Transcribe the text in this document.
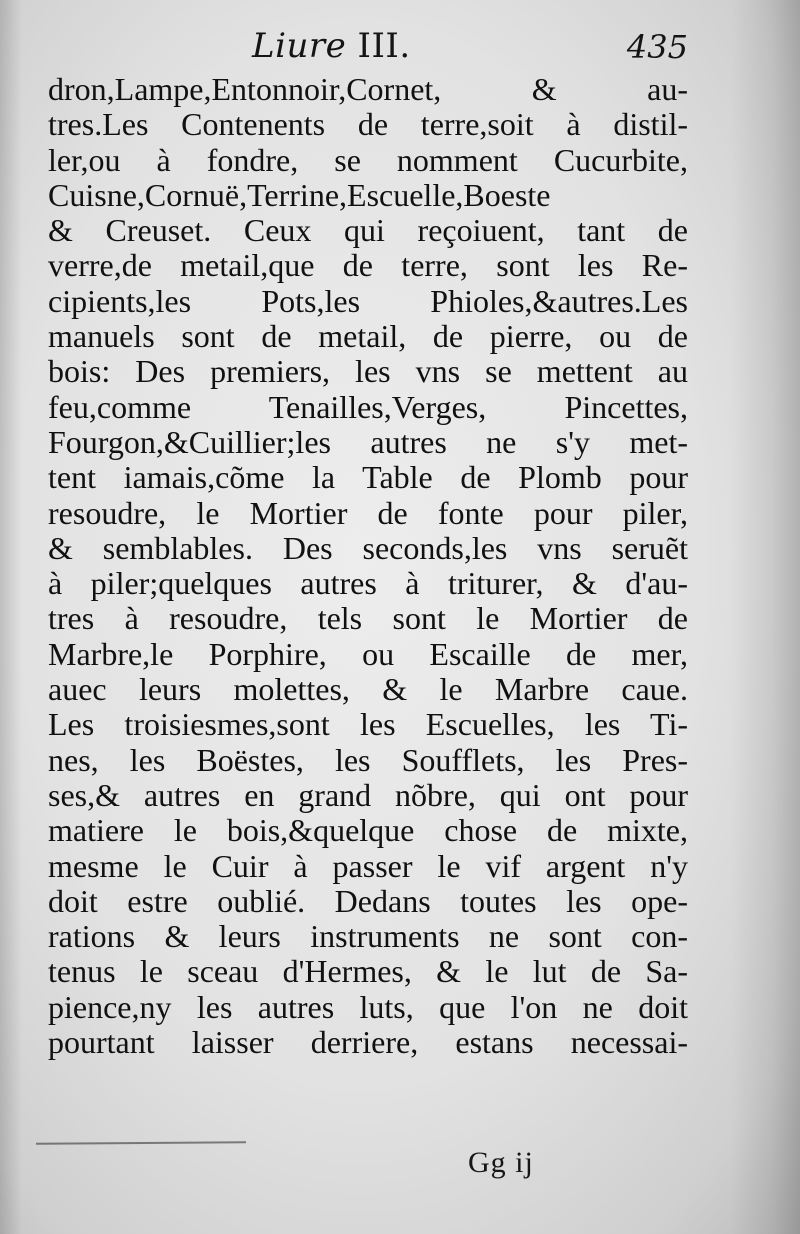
Liure III.	435
dron,Lampe,Entonnoir,Cornet, & au-
tres.Les Contenents de terre,soit à distil-
ler,ou à fondre, se nomment Cucurbite,
Cuisne,Cornuë,Terrine,Escuelle,Boeste
& Creuset. Ceux qui reçoiuent, tant de
verre,de metail,que de terre, sont les Re-
cipients,les Pots,les Phioles,&autres.Les
manuels sont de metail, de pierre, ou de
bois: Des premiers, les vns se mettent au
feu,comme Tenailles,Verges, Pincettes,
Fourgon,&Cuillier;les autres ne s'y met-
tent iamais,cõme la Table de Plomb pour
resoudre, le Mortier de fonte pour piler,
& semblables. Des seconds,les vns seruẽt
à piler;quelques autres à triturer, & d'au-
tres à resoudre, tels sont le Mortier de
Marbre,le Porphire, ou Escaille de mer,
auec leurs molettes, & le Marbre caue.
Les troisiesmes,sont les Escuelles, les Ti-
nes, les Boëstes, les Soufflets, les Pres-
ses,& autres en grand nõbre, qui ont pour
matiere le bois,&quelque chose de mixte,
mesme le Cuir à passer le vif argent n'y
doit estre oublié. Dedans toutes les ope-
rations & leurs instruments ne sont con-
tenus le sceau d'Hermes, & le lut de Sa-
pience,ny les autres luts, que l'on ne doit
pourtant laisser derriere, estans necessai-
Gg ij
